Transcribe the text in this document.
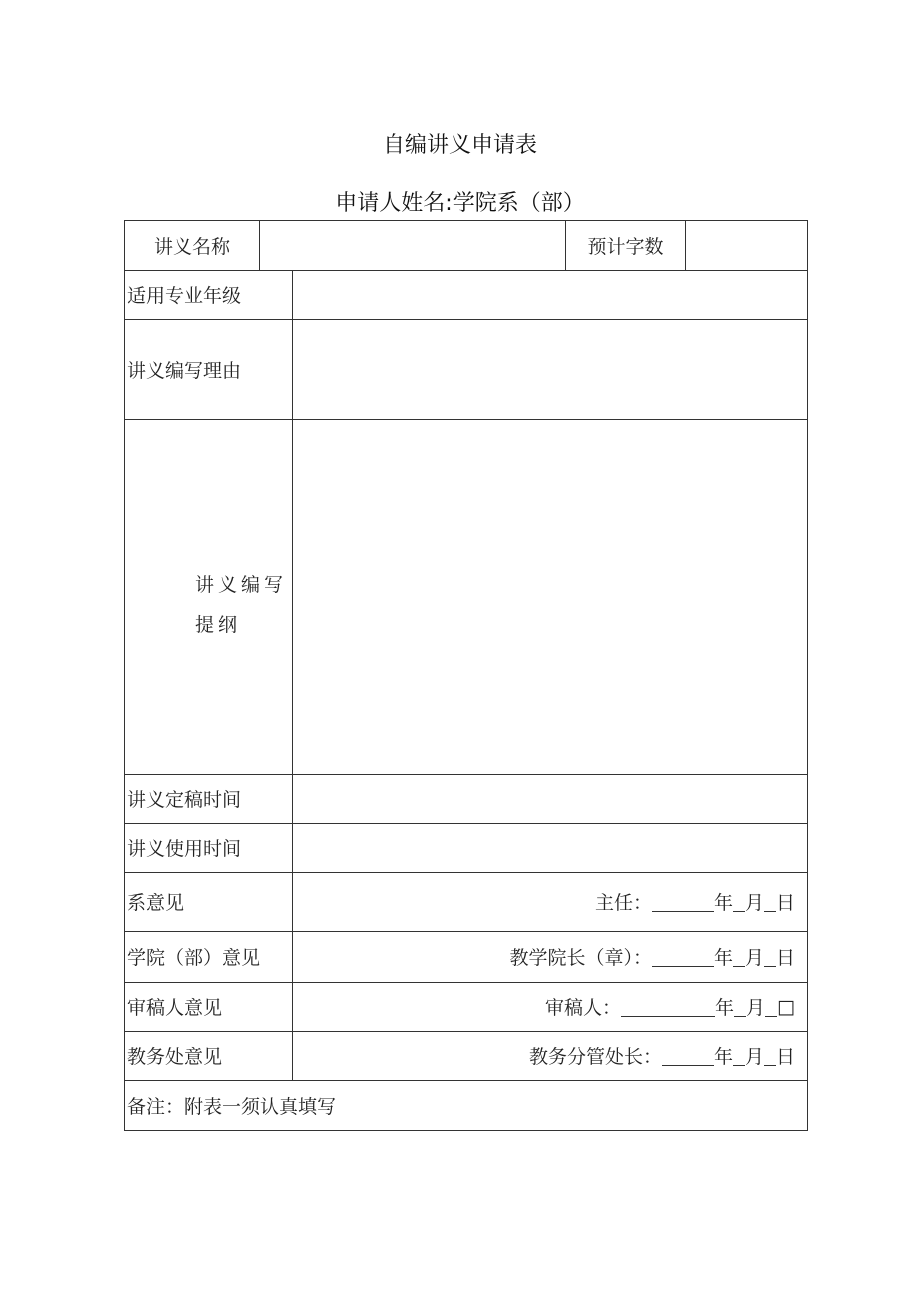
自编讲义申请表
申请人姓名:学院系（部）
讲义名称	预计字数
适用专业年级
讲义编写理由
讲义编写
提纲
讲义定稿时间
讲义使用时间
系意见	主任：	年 月 日
学院（部）意见	教学院长（章）：	年 月 日
审稿人意见	审稿人：	年 月 □
教务处意见	教务分管处长：	年 月 日
备注：附表一须认真填写
